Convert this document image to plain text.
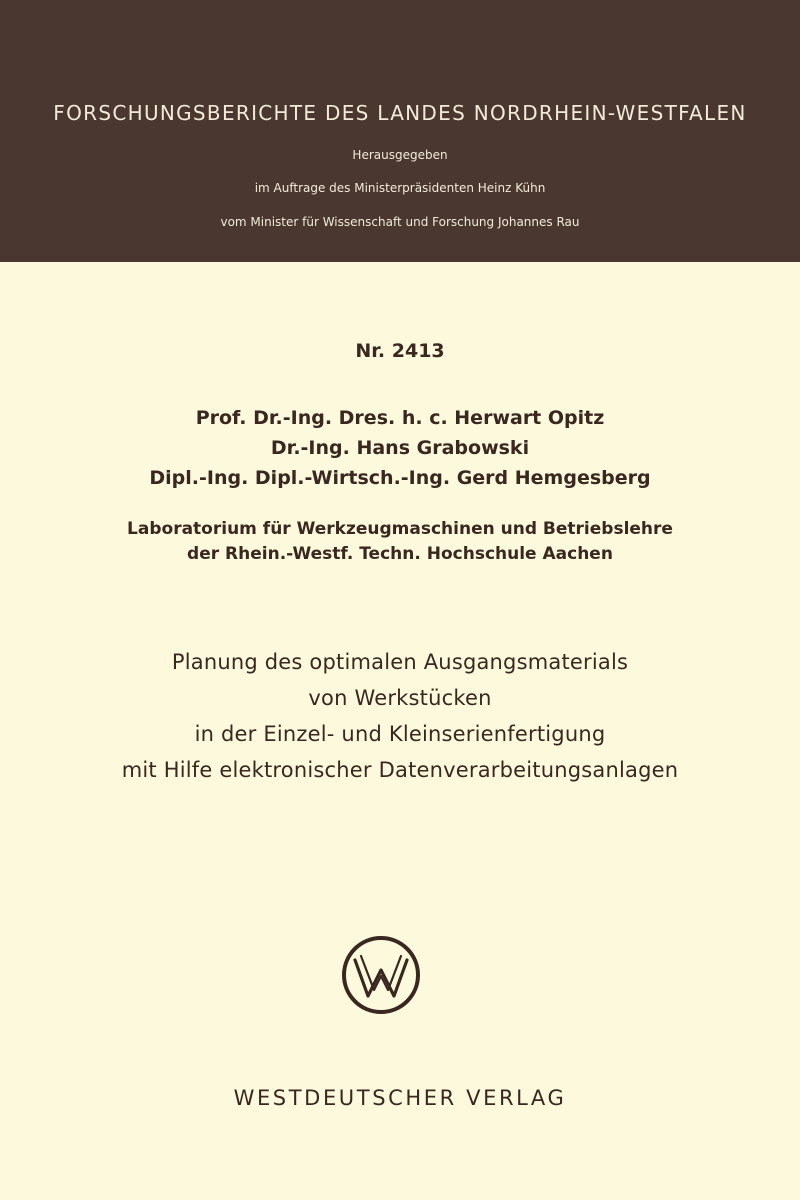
FORSCHUNGSBERICHTE DES LANDES NORDRHEIN-WESTFALEN
Herausgegeben
im Auftrage des Ministerpräsidenten Heinz Kühn
vom Minister für Wissenschaft und Forschung Johannes Rau
Nr. 2413
Prof. Dr.-Ing. Dres. h. c. Herwart Opitz
Dr.-Ing. Hans Grabowski
Dipl.-Ing. Dipl.-Wirtsch.-Ing. Gerd Hemgesberg
Laboratorium für Werkzeugmaschinen und Betriebslehre
der Rhein.-Westf. Techn. Hochschule Aachen
Planung des optimalen Ausgangsmaterials
von Werkstücken
in der Einzel- und Kleinserienfertigung
mit Hilfe elektronischer Datenverarbeitungsanlagen
WESTDEUTSCHER VERLAG
